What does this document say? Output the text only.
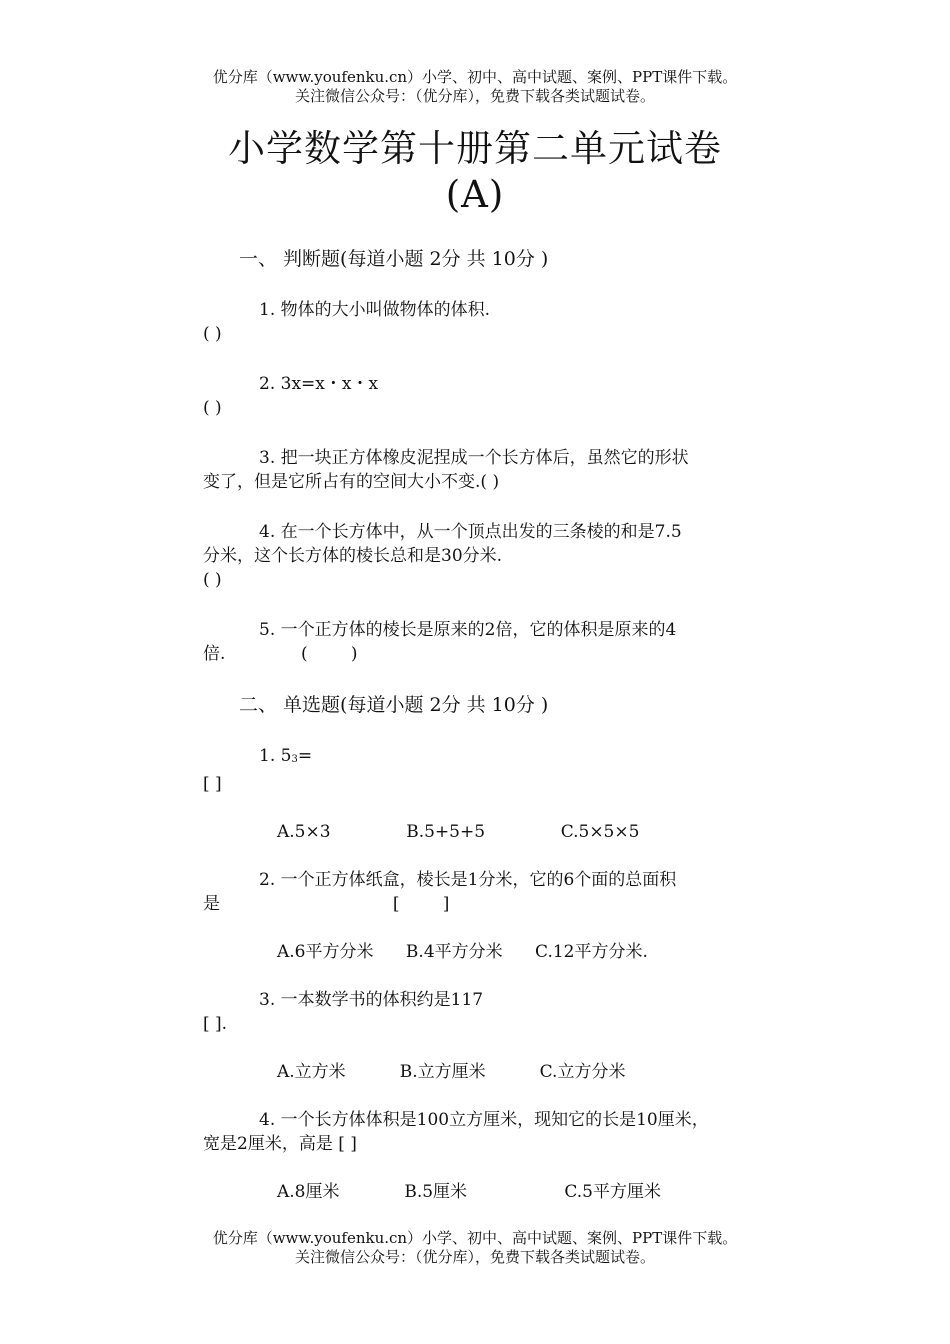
优分库（www.youfenku.cn）小学、初中、高中试题、案例、PPT课件下载。
关注微信公众号：（优分库），免费下载各类试题试卷。
小学数学第十册第二单元试卷
(A)
一、 判断题(每道小题 2分 共 10分 )
1. 物体的大小叫做物体的体积.
( )
2. 3x=x・x・x
( )
3. 把一块正方体橡皮泥捏成一个长方体后，虽然它的形状
变了，但是它所占有的空间大小不变.( )
4. 在一个长方体中，从一个顶点出发的三条棱的和是7.5
分米，这个长方体的棱长总和是30分米.
( )
5. 一个正方体的棱长是原来的2倍，它的体积是原来的4
倍.              (        )
二、 单选题(每道小题 2分 共 10分 )
1. 53=
[ ]
A.5×3              B.5+5+5              C.5×5×5
2. 一个正方体纸盒，棱长是1分米，它的6个面的总面积
是                                [        ]
A.6平方分米      B.4平方分米      C.12平方分米.
3. 一本数学书的体积约是117
[ ].
A.立方米          B.立方厘米          C.立方分米
4. 一个长方体体积是100立方厘米，现知它的长是10厘米，
宽是2厘米，高是 [ ]
A.8厘米            B.5厘米                  C.5平方厘米
优分库（www.youfenku.cn）小学、初中、高中试题、案例、PPT课件下载。
关注微信公众号：（优分库），免费下载各类试题试卷。
